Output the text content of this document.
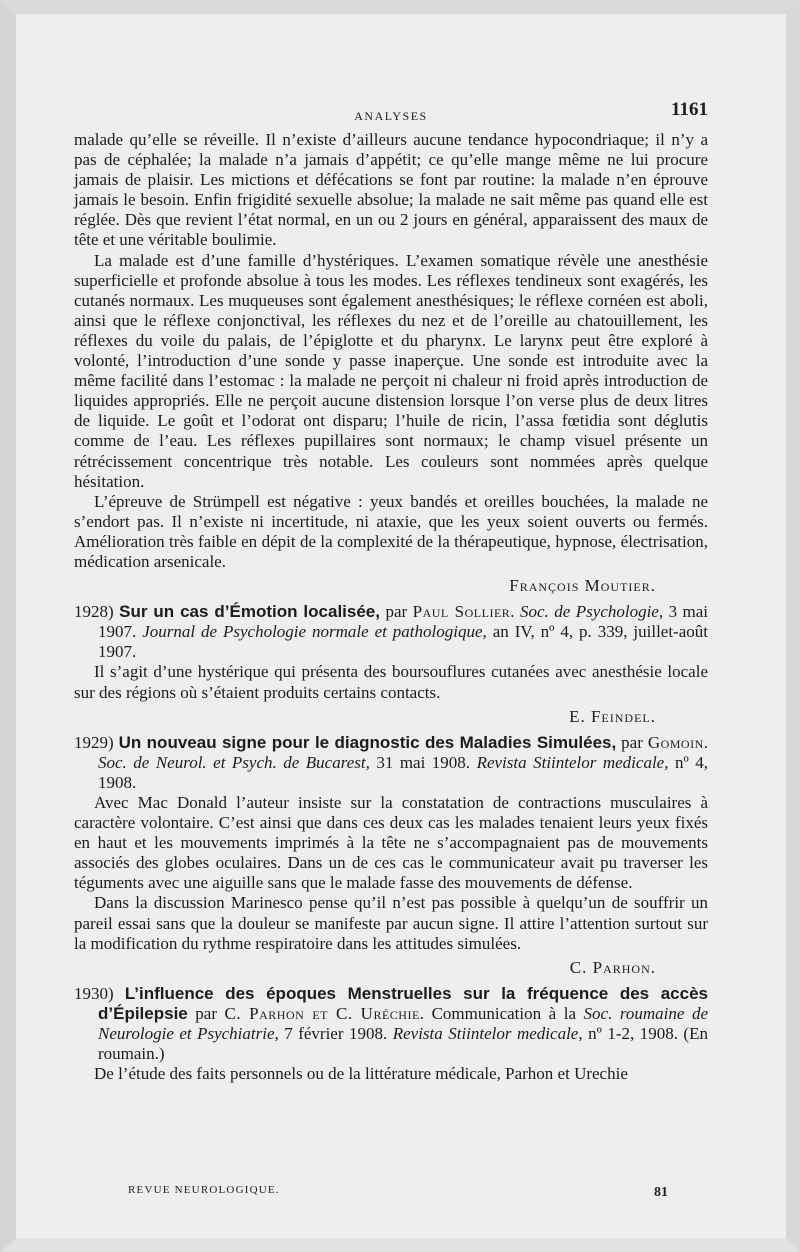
ANALYSES	1161

malade qu’elle se réveille. Il n’existe d’ailleurs aucune tendance hypocondriaque; il n’y a pas de céphalée; la malade n’a jamais d’appétit; ce qu’elle mange même ne lui procure jamais de plaisir. Les mictions et défécations se font par routine: la malade n’en éprouve jamais le besoin. Enfin frigidité sexuelle absolue; la malade ne sait même pas quand elle est réglée. Dès que revient l’état normal, en un ou 2 jours en général, apparaissent des maux de tête et une véritable boulimie.

La malade est d’une famille d’hystériques. L’examen somatique révèle une anesthésie superficielle et profonde absolue à tous les modes. Les réflexes tendineux sont exagérés, les cutanés normaux. Les muqueuses sont également anesthésiques; le réflexe cornéen est aboli, ainsi que le réflexe conjonctival, les réflexes du nez et de l’oreille au chatouillement, les réflexes du voile du palais, de l’épiglotte et du pharynx. Le larynx peut être exploré à volonté, l’introduction d’une sonde y passe inaperçue. Une sonde est introduite avec la même facilité dans l’estomac : la malade ne perçoit ni chaleur ni froid après introduction de liquides appropriés. Elle ne perçoit aucune distension lorsque l’on verse plus de deux litres de liquide. Le goût et l’odorat ont disparu; l’huile de ricin, l’assa fœtidia sont déglutis comme de l’eau. Les réflexes pupillaires sont normaux; le champ visuel présente un rétrécissement concentrique très notable. Les couleurs sont nommées après quelque hésitation.

L’épreuve de Strümpell est négative : yeux bandés et oreilles bouchées, la malade ne s’endort pas. Il n’existe ni incertitude, ni ataxie, que les yeux soient ouverts ou fermés. Amélioration très faible en dépit de la complexité de la thérapeutique, hypnose, électrisation, médication arsenicale.

François Moutier.

1928) Sur un cas d’Émotion localisée, par Paul Sollier. Soc. de Psychologie, 3 mai 1907. Journal de Psychologie normale et pathologique, an IV, nº 4, p. 339, juillet-août 1907.

Il s’agit d’une hystérique qui présenta des boursouflures cutanées avec anesthésie locale sur des régions où s’étaient produits certains contacts.

E. Feindel.

1929) Un nouveau signe pour le diagnostic des Maladies Simulées, par Gomoin. Soc. de Neurol. et Psych. de Bucarest, 31 mai 1908. Revista Stiintelor medicale, nº 4, 1908.

Avec Mac Donald l’auteur insiste sur la constatation de contractions musculaires à caractère volontaire. C’est ainsi que dans ces deux cas les malades tenaient leurs yeux fixés en haut et les mouvements imprimés à la tête ne s’accompagnaient pas de mouvements associés des globes oculaires. Dans un de ces cas le communicateur avait pu traverser les téguments avec une aiguille sans que le malade fasse des mouvements de défense.

Dans la discussion Marinesco pense qu’il n’est pas possible à quelqu’un de souffrir un pareil essai sans que la douleur se manifeste par aucun signe. Il attire l’attention surtout sur la modification du rythme respiratoire dans les attitudes simulées.

C. Parhon.

1930) L’influence des époques Menstruelles sur la fréquence des accès d’Épilepsie par C. Parhon et C. Uréchie. Communication à la Soc. roumaine de Neurologie et Psychiatrie, 7 février 1908. Revista Stiintelor medicale, nº 1-2, 1908. (En roumain.)

De l’étude des faits personnels ou de la littérature médicale, Parhon et Urechie

REVUE NEUROLOGIQUE.	81
